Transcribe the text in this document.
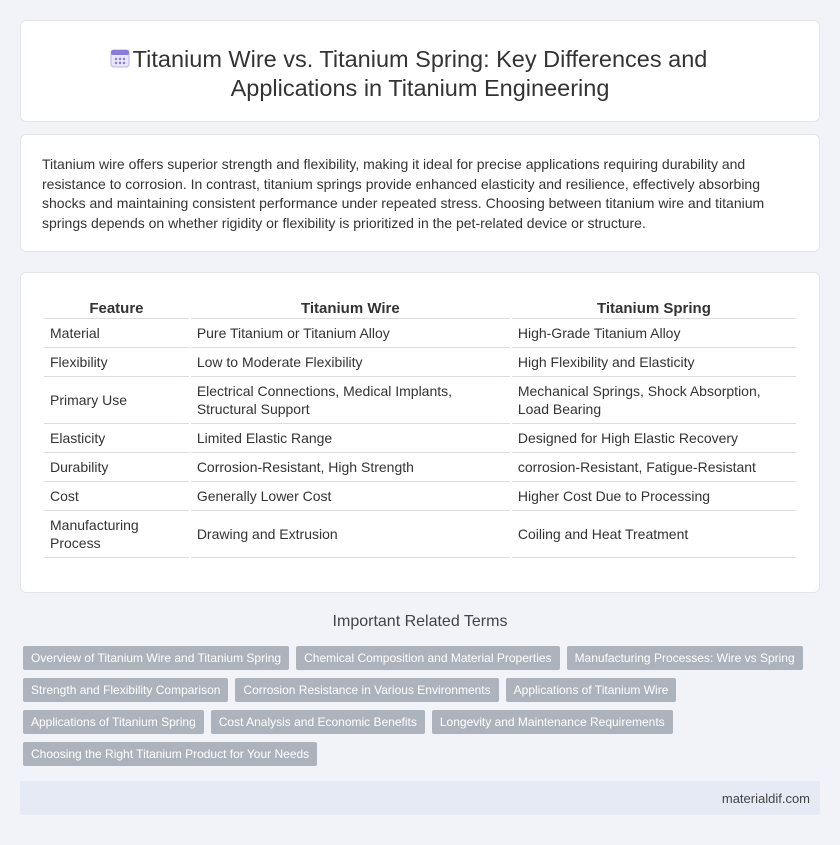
Titanium Wire vs. Titanium Spring: Key Differences and
Applications in Titanium Engineering

Titanium wire offers superior strength and flexibility, making it ideal for precise applications requiring durability and resistance to corrosion. In contrast, titanium springs provide enhanced elasticity and resilience, effectively absorbing shocks and maintaining consistent performance under repeated stress. Choosing between titanium wire and titanium springs depends on whether rigidity or flexibility is prioritized in the pet-related device or structure.

Feature	Titanium Wire	Titanium Spring
Material	Pure Titanium or Titanium Alloy	High-Grade Titanium Alloy
Flexibility	Low to Moderate Flexibility	High Flexibility and Elasticity
Primary Use	Electrical Connections, Medical Implants, Structural Support	Mechanical Springs, Shock Absorption, Load Bearing
Elasticity	Limited Elastic Range	Designed for High Elastic Recovery
Durability	Corrosion-Resistant, High Strength	corrosion-Resistant, Fatigue-Resistant
Cost	Generally Lower Cost	Higher Cost Due to Processing
Manufacturing Process	Drawing and Extrusion	Coiling and Heat Treatment
Important Related Terms
Overview of Titanium Wire and Titanium Spring	Chemical Composition and Material Properties	Manufacturing Processes: Wire vs Spring
Strength and Flexibility Comparison	Corrosion Resistance in Various Environments	Applications of Titanium Wire
Applications of Titanium Spring	Cost Analysis and Economic Benefits	Longevity and Maintenance Requirements
Choosing the Right Titanium Product for Your Needs
materialdif.com
